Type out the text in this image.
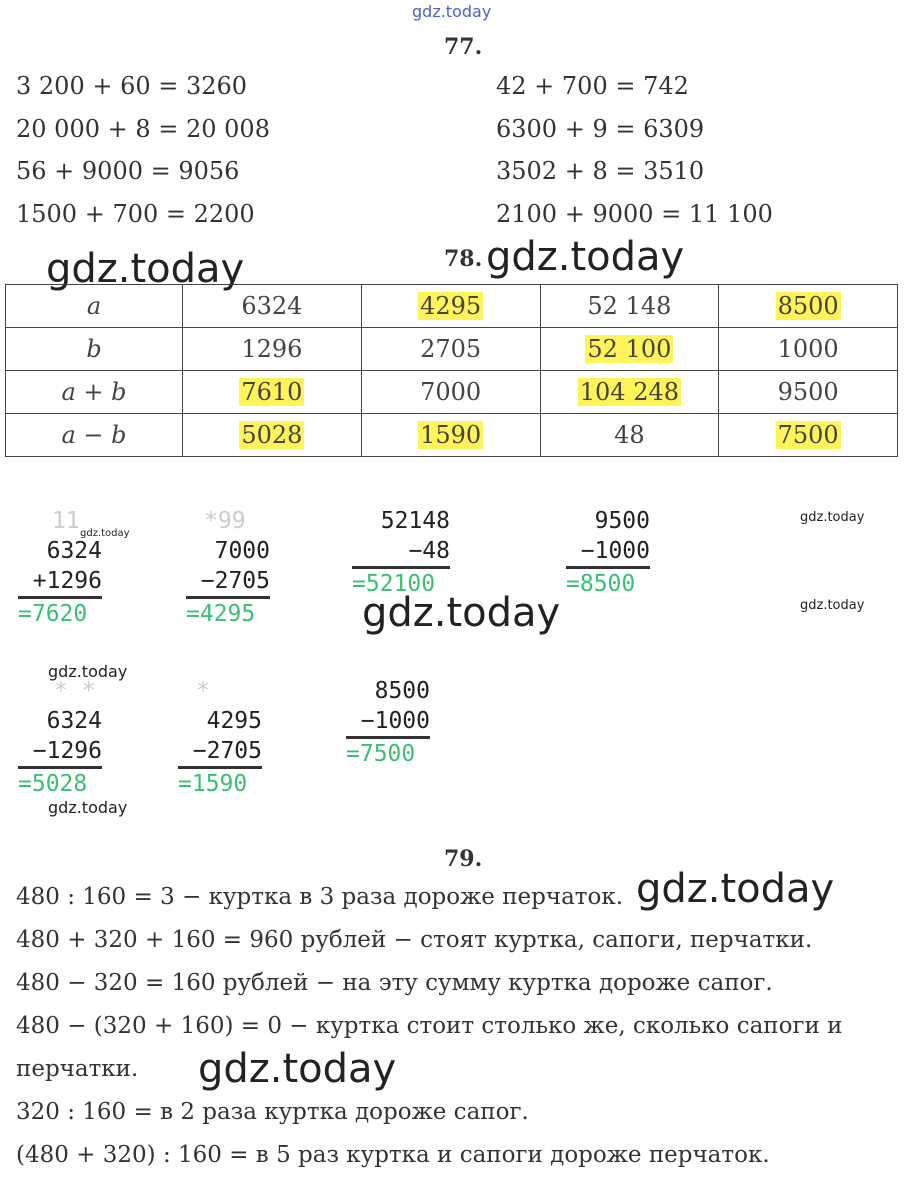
gdz.today
gdz.today	gdz.today
gdz.today
gdz.today
gdz.today
gdz.today
gdz.today
gdz.today
gdz.today
gdz.today
77.
3 200 + 60 = 3260
20 000 + 8 = 20 008
56 + 9000 = 9056
1500 + 700 = 2200
42 + 700 = 742
6300 + 9 = 6309
3502 + 8 = 3510
2100 + 9000 = 11 100
78.
a	6324	4295	52 148	8500
b	1296	2705	52 100	1000
a + b	7610	7000	104 248	9500
a − b	5028	1590	48	7500
11
6324
+1296
=7620
*99
7000
−2705
=4295
52148
−48
=52100
9500
−1000
=8500
* *
6324
−1296
=5028
*
4295
−2705
=1590
8500
−1000
=7500
79.
480 : 160 = 3 − куртка в 3 раза дороже перчаток.
480 + 320 + 160 = 960 рублей − стоят куртка, сапоги, перчатки.
480 − 320 = 160 рублей − на эту сумму куртка дороже сапог.
480 − (320 + 160) = 0 − куртка стоит столько же, сколько сапоги и
перчатки.
320 : 160 = в 2 раза куртка дороже сапог.
(480 + 320) : 160 = в 5 раз куртка и сапоги дороже перчаток.
